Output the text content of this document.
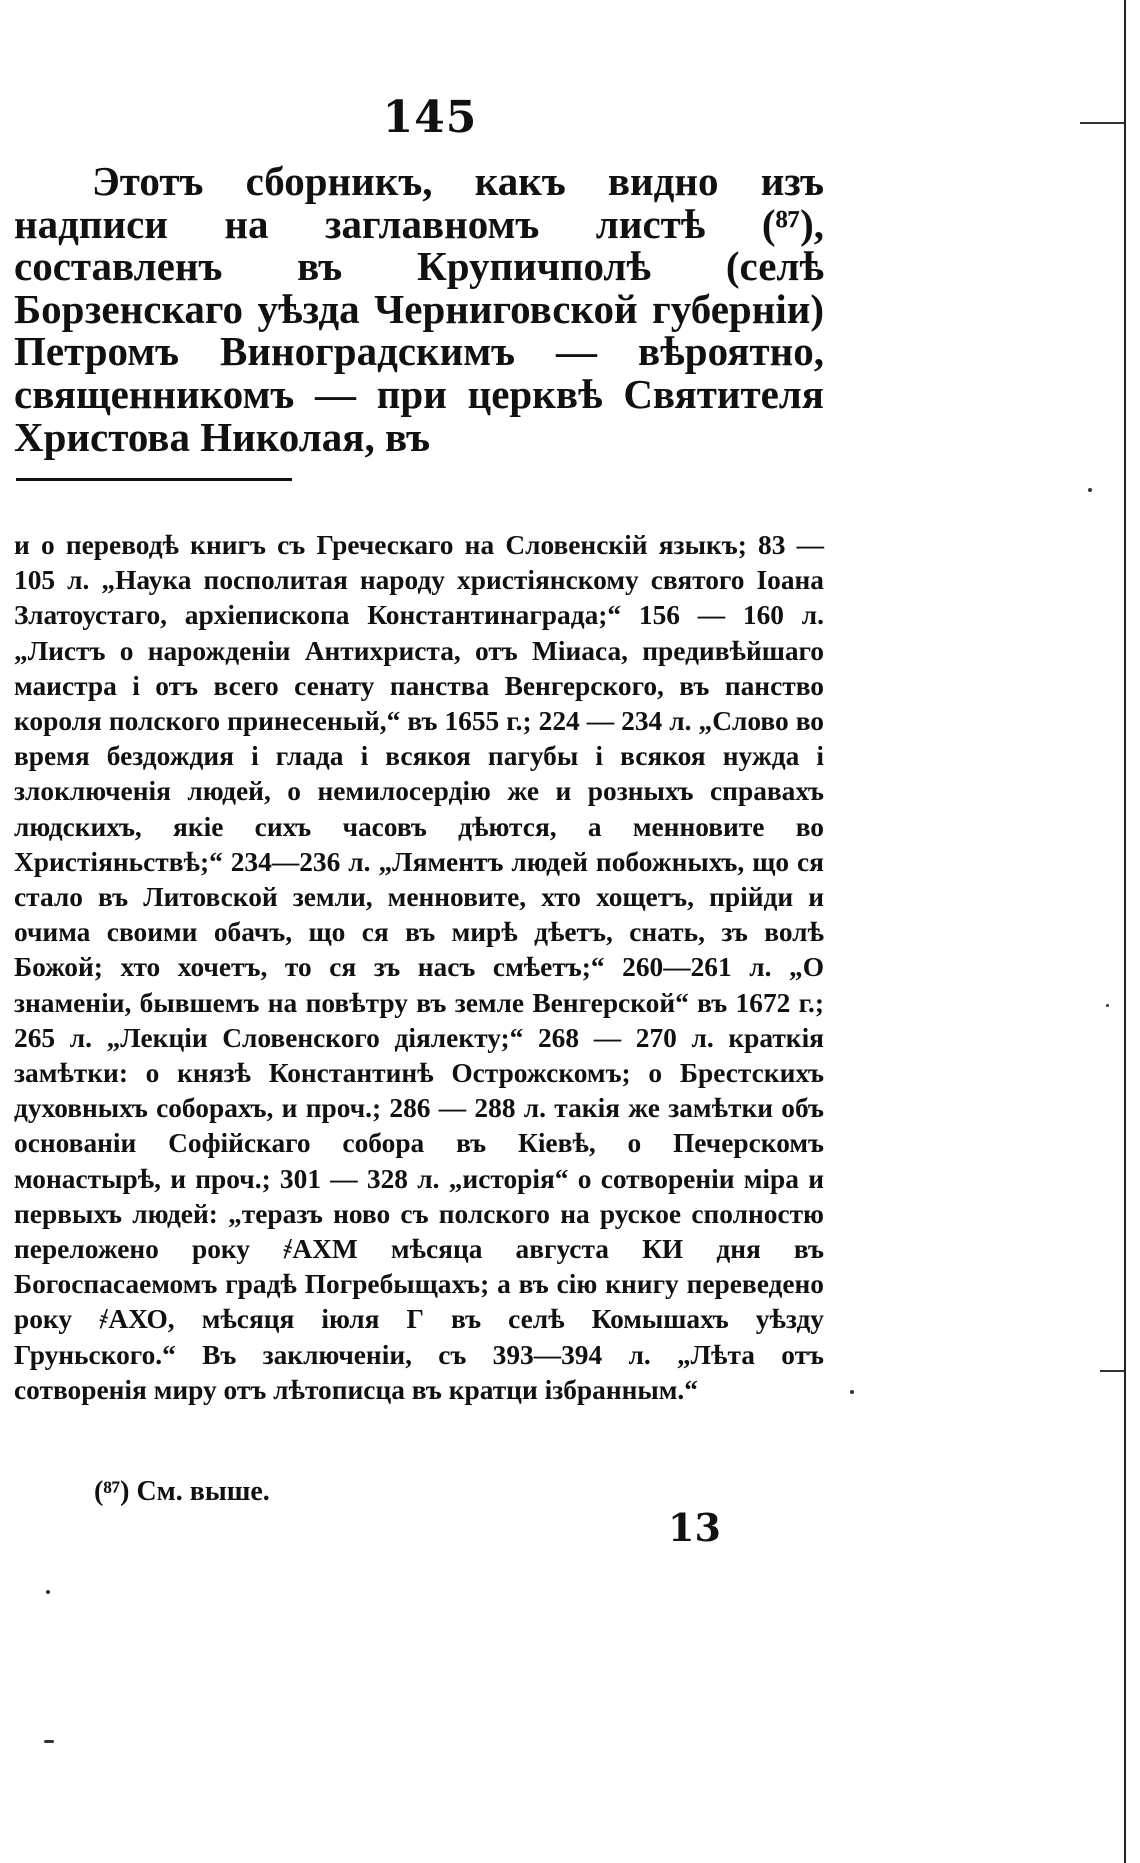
145

Этотъ сборникъ, какъ видно изъ надписи на заглавномъ листѣ (⁸⁷), составленъ въ Крупичполѣ (селѣ Борзенскаго уѣзда Черниговской губерніи) Петромъ Виноградскимъ — вѣроятно, священникомъ — при церквѣ Святителя Христова Николая, въ

и о переводѣ книгъ съ Греческаго на Словенскій языкъ; 83 — 105 л. „Наука посполитая народу христіянскому святого Іоана Златоустаго, архіепископа Константинаграда;“ 156 — 160 л. „Листъ о нарожденіи Антихриста, отъ Міиаса, предивѣйшаго маистра і отъ всего сенату панства Венгерского, въ панство короля полского принесеный,“ въ 1655 г.; 224 — 234 л. „Слово во время бездождия і глада і всякоя пагубы і всякоя нужда і злоключенія людей, о немилосердію же и розныхъ справахъ людскихъ, якіе сихъ часовъ дѣются, а менновите во Христіяньствѣ;“ 234—236 л. „Ляментъ людей побожныхъ, що ся стало въ Литовской земли, менновите, хто хощетъ, прійди и очима своими обачъ, що ся въ мирѣ дѣетъ, снать, зъ волѣ Божой; хто хочетъ, то ся зъ насъ смѣетъ;“ 260—261 л. „О знаменіи, бывшемъ на повѣтру въ земле Венгерской“ въ 1672 г.; 265 л. „Лекціи Словенского діялекту;“ 268 — 270 л. краткія замѣтки: о князѣ Константинѣ Острожскомъ; о Брестскихъ духовныхъ соборахъ, и проч.; 286 — 288 л. такія же замѣтки объ основаніи Софійскаго собора въ Кіевѣ, о Печерскомъ монастырѣ, и проч.; 301 — 328 л. „исторія“ о сотвореніи міра и первыхъ людей: „теразъ ново съ полского на руское сполностю переложено року ҂АХМ мѣсяца августа КИ дня въ Богоспасаемомъ градѣ Погребыщахъ; а въ сію книгу переведено року ҂АХО, мѣсяця іюля Г въ селѣ Комышахъ уѣзду Груньского.“ Въ заключеніи, съ 393—394 л. „Лѣта отъ сотворенія миру отъ лѣтописца въ кратци ізбранным.“

(⁸⁷) См. выше.
13
